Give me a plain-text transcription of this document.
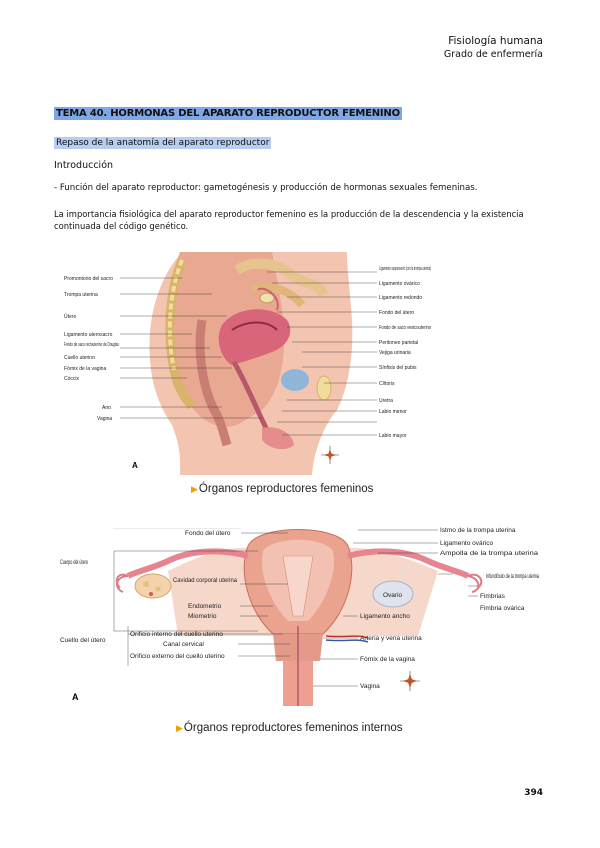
Fisiología humana
Grado de enfermería
TEMA 40. HORMONAS DEL APARATO REPRODUCTOR FEMENINO
Repaso de la anatomía del aparato reproductor
Introducción
- Función del aparato reproductor: gametogénesis y producción de hormonas sexuales femeninas.
La importancia fisiológica del aparato reproductor femenino es la producción de la descendencia y la existencia continuada del código genético.
Promontorio del sacro
Trompa uterina
Útero
Ligamento uterosacro
Fondo de saco rectouterino de Douglas
Cuello uterino
Fórnix de la vagina
Cóccix
Ano
Vagina
Ligamento suspensorio (con la trompa uterina)
Ligamento ovárico
Ligamento redondo
Fondo del útero
Fondo de saco vesicouterino
Peritoneo parietal
Vejiga urinaria
Sínfisis del pubis
Clítoris
Uretra
Labio menor
Labio mayor
A
▶Órganos reproductores femeninos
Fondo del útero	Istmo de la trompa uterina
Ligamento ovárico
Ampolla de la trompa uterina
Infundíbulo de la trompa uterina
Fimbrias
Fimbria ovárica
Cuerpo del útero
Cavidad corporal uterina
Endometrio
Miometrio
Cuello del útero
Orificio interno del cuello uterino
Canal cervical
Orificio externo del cuello uterino
Ovario
Ligamento ancho
Arteria y vena uterina
Fórnix de la vagina
Vagina
A
▶Órganos reproductores femeninos internos
394
